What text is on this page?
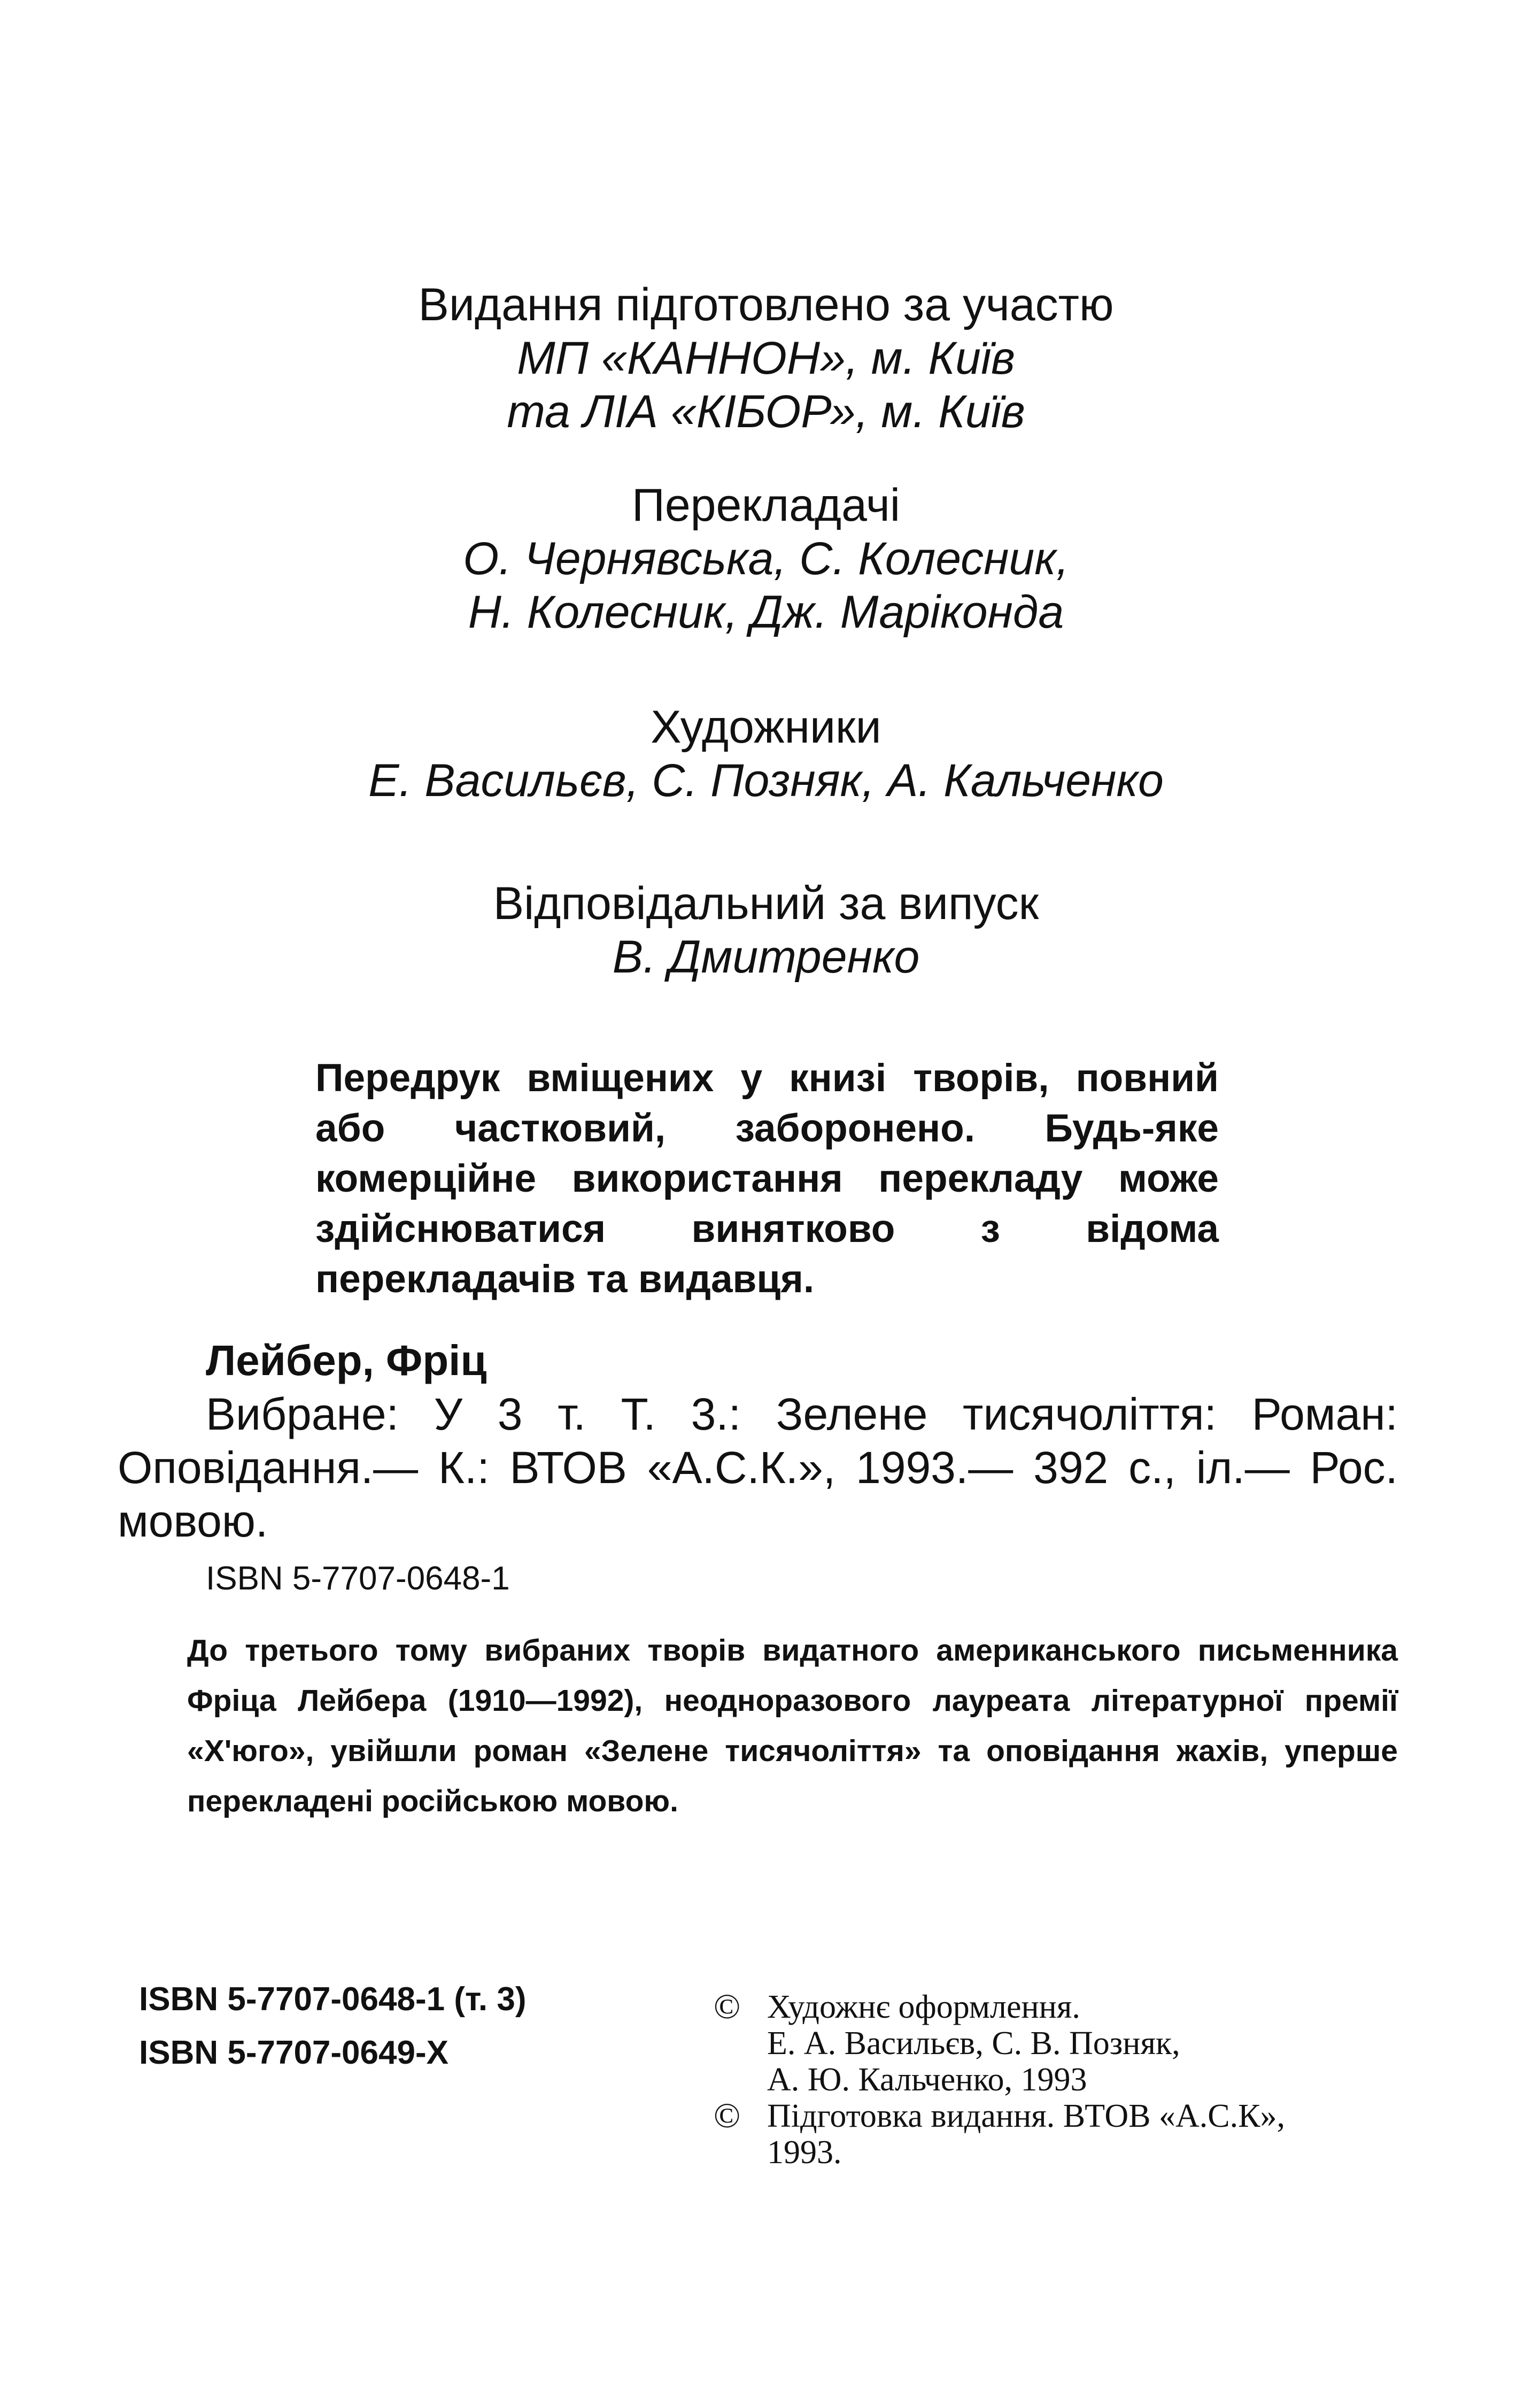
Видання підготовлено за участю
МП «КАННОН», м. Київ
та ЛІА «КІБОР», м. Київ
Перекладачі
О. Чернявська, С. Колесник,
Н. Колесник, Дж. Маріконда
Художники
Е. Васильєв, С. Позняк, А. Кальченко
Відповідальний за випуск
В. Дмитренко
Передрук вміщених у книзі творів, повний або частковий, заборонено. Будь-яке комерційне використання перекладу може здійснюватися винятково з відома перекладачів та видавця.
Лейбер, Фріц
Вибране: У 3 т. Т. 3.: Зелене тисячоліття: Роман: Оповідання.— К.: ВТОВ «А.С.К.», 1993.— 392 с., іл.— Рос. мовою.
ISBN 5-7707-0648-1
До третього тому вибраних творів видатного американського письменника Фріца Лейбера (1910—1992), неодноразового лауреата літературної премії «Х'юго», увійшли роман «Зелене тисячоліття» та оповідання жахів, уперше перекладені російською мовою.
ISBN 5-7707-0648-1 (т. 3)
ISBN 5-7707-0649-X
© Художнє оформлення.
Е. А. Васильєв, С. В. Позняк,
А. Ю. Кальченко, 1993
© Підготовка видання. ВТОВ «А.С.К»,
1993.
